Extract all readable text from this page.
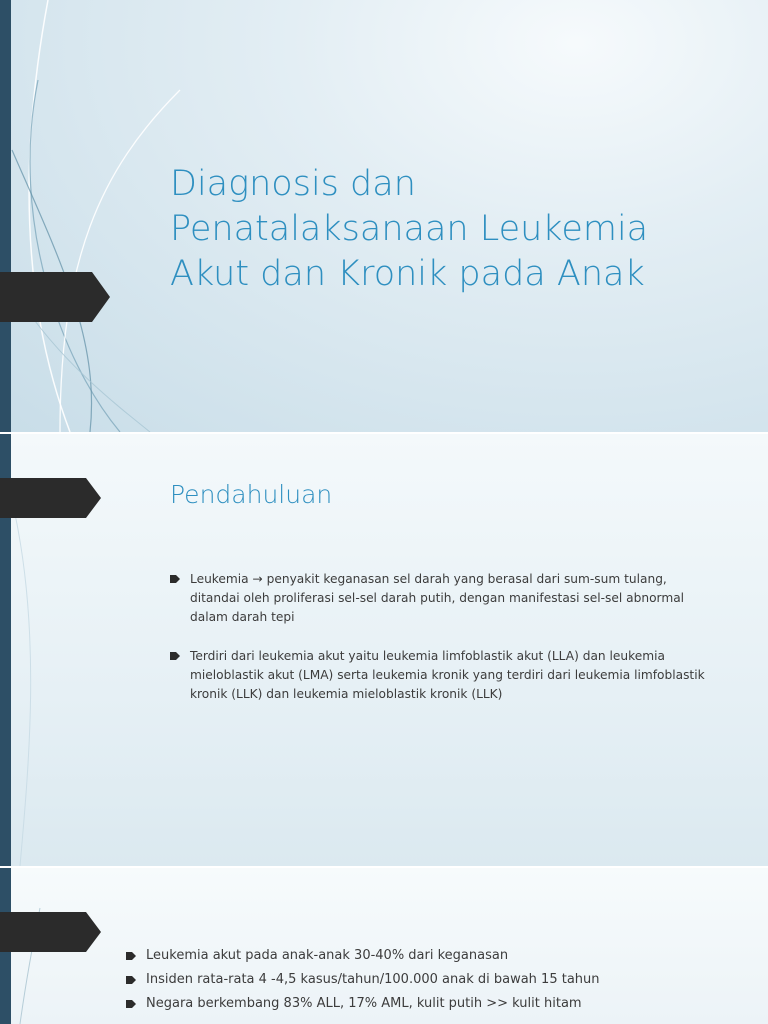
Diagnosis dan
Penatalaksanaan Leukemia
Akut dan Kronik pada Anak
Pendahuluan
Leukemia → penyakit keganasan sel darah yang berasal dari sum-sum tulang, ditandai oleh proliferasi sel-sel darah putih, dengan manifestasi sel-sel abnormal dalam darah tepi
Terdiri dari leukemia akut yaitu leukemia limfoblastik akut (LLA) dan leukemia mieloblastik akut (LMA) serta leukemia kronik yang terdiri dari leukemia limfoblastik kronik (LLK) dan leukemia mieloblastik kronik (LLK)
Leukemia akut pada anak-anak 30-40% dari keganasan
Insiden rata-rata 4 -4,5 kasus/tahun/100.000 anak di bawah 15 tahun
Negara berkembang 83% ALL, 17% AML, kulit putih >> kulit hitam
